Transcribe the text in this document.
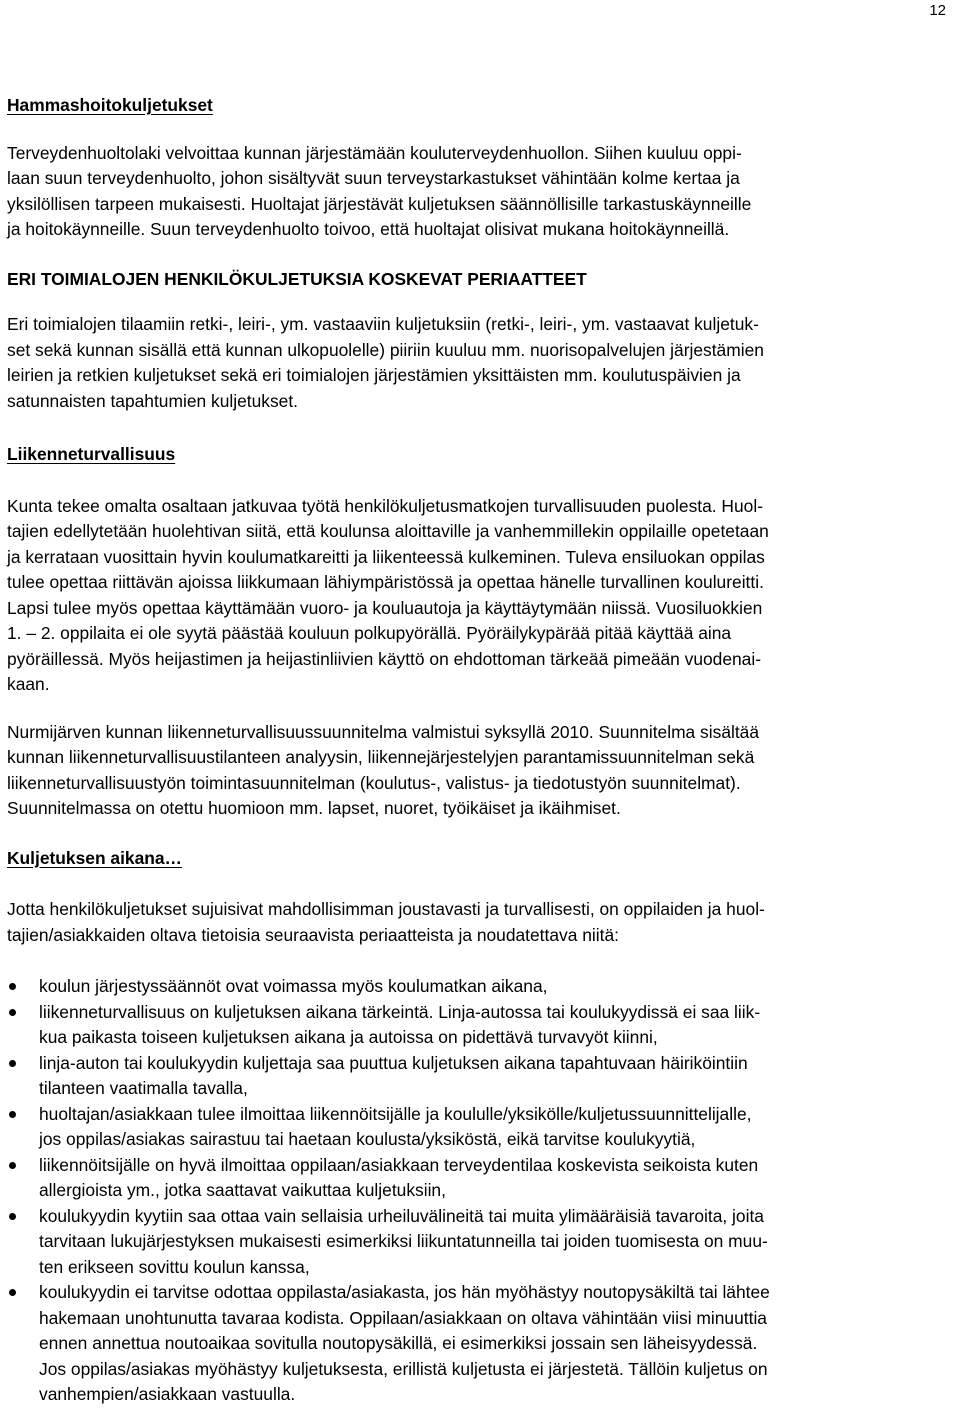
12
Hammashoitokuljetukset
Terveydenhuoltolaki velvoittaa kunnan järjestämään kouluterveydenhuollon. Siihen kuuluu oppi-
laan suun terveydenhuolto, johon sisältyvät suun terveystarkastukset vähintään kolme kertaa ja
yksilöllisen tarpeen mukaisesti. Huoltajat järjestävät kuljetuksen säännöllisille tarkastuskäynneille
ja hoitokäynneille. Suun terveydenhuolto toivoo, että huoltajat olisivat mukana hoitokäynneillä.
ERI TOIMIALOJEN HENKILÖKULJETUKSIA KOSKEVAT PERIAATTEET
Eri toimialojen tilaamiin retki-, leiri-, ym. vastaaviin kuljetuksiin (retki-, leiri-, ym. vastaavat kuljetuk-
set sekä kunnan sisällä että kunnan ulkopuolelle) piiriin kuuluu mm. nuorisopalvelujen järjestämien
leirien ja retkien kuljetukset sekä eri toimialojen järjestämien yksittäisten mm. koulutuspäivien ja
satunnaisten tapahtumien kuljetukset.
Liikenneturvallisuus
Kunta tekee omalta osaltaan jatkuvaa työtä henkilökuljetusmatkojen turvallisuuden puolesta. Huol-
tajien edellytetään huolehtivan siitä, että koulunsa aloittaville ja vanhemmillekin oppilaille opetetaan
ja kerrataan vuosittain hyvin koulumatkareitti ja liikenteessä kulkeminen. Tuleva ensiluokan oppilas
tulee opettaa riittävän ajoissa liikkumaan lähiympäristössä ja opettaa hänelle turvallinen koulureitti.
Lapsi tulee myös opettaa käyttämään vuoro- ja kouluautoja ja käyttäytymään niissä. Vuosiluokkien
1. – 2. oppilaita ei ole syytä päästää kouluun polkupyörällä. Pyöräilykypärää pitää käyttää aina
pyöräillessä. Myös heijastimen ja heijastinliivien käyttö on ehdottoman tärkeää pimeään vuodenai-
kaan.
Nurmijärven kunnan liikenneturvallisuussuunnitelma valmistui syksyllä 2010. Suunnitelma sisältää
kunnan liikenneturvallisuustilanteen analyysin, liikennejärjestelyjen parantamissuunnitelman sekä
liikenneturvallisuustyön toimintasuunnitelman (koulutus-, valistus- ja tiedotustyön suunnitelmat).
Suunnitelmassa on otettu huomioon mm. lapset, nuoret, työikäiset ja ikäihmiset.
Kuljetuksen aikana…
Jotta henkilökuljetukset sujuisivat mahdollisimman joustavasti ja turvallisesti, on oppilaiden ja huol-
tajien/asiakkaiden oltava tietoisia seuraavista periaatteista ja noudatettava niitä:
koulun järjestyssäännöt ovat voimassa myös koulumatkan aikana,
liikenneturvallisuus on kuljetuksen aikana tärkeintä. Linja-autossa tai koulukyydissä ei saa liik-
kua paikasta toiseen kuljetuksen aikana ja autoissa on pidettävä turvavyöt kiinni,
linja-auton tai koulukyydin kuljettaja saa puuttua kuljetuksen aikana tapahtuvaan häiriköintiin
tilanteen vaatimalla tavalla,
huoltajan/asiakkaan tulee ilmoittaa liikennöitsijälle ja koululle/yksikölle/kuljetussuunnittelijalle,
jos oppilas/asiakas sairastuu tai haetaan koulusta/yksiköstä, eikä tarvitse koulukyytiä,
liikennöitsijälle on hyvä ilmoittaa oppilaan/asiakkaan terveydentilaa koskevista seikoista kuten
allergioista ym., jotka saattavat vaikuttaa kuljetuksiin,
koulukyydin kyytiin saa ottaa vain sellaisia urheiluvälineitä tai muita ylimääräisiä tavaroita, joita
tarvitaan lukujärjestyksen mukaisesti esimerkiksi liikuntatunneilla tai joiden tuomisesta on muu-
ten erikseen sovittu koulun kanssa,
koulukyydin ei tarvitse odottaa oppilasta/asiakasta, jos hän myöhästyy noutopysäkiltä tai lähtee
hakemaan unohtunutta tavaraa kodista. Oppilaan/asiakkaan on oltava vähintään viisi minuuttia
ennen annettua noutoaikaa sovitulla noutopysäkillä, ei esimerkiksi jossain sen läheisyydessä.
Jos oppilas/asiakas myöhästyy kuljetuksesta, erillistä kuljetusta ei järjestetä. Tällöin kuljetus on
vanhempien/asiakkaan vastuulla.
